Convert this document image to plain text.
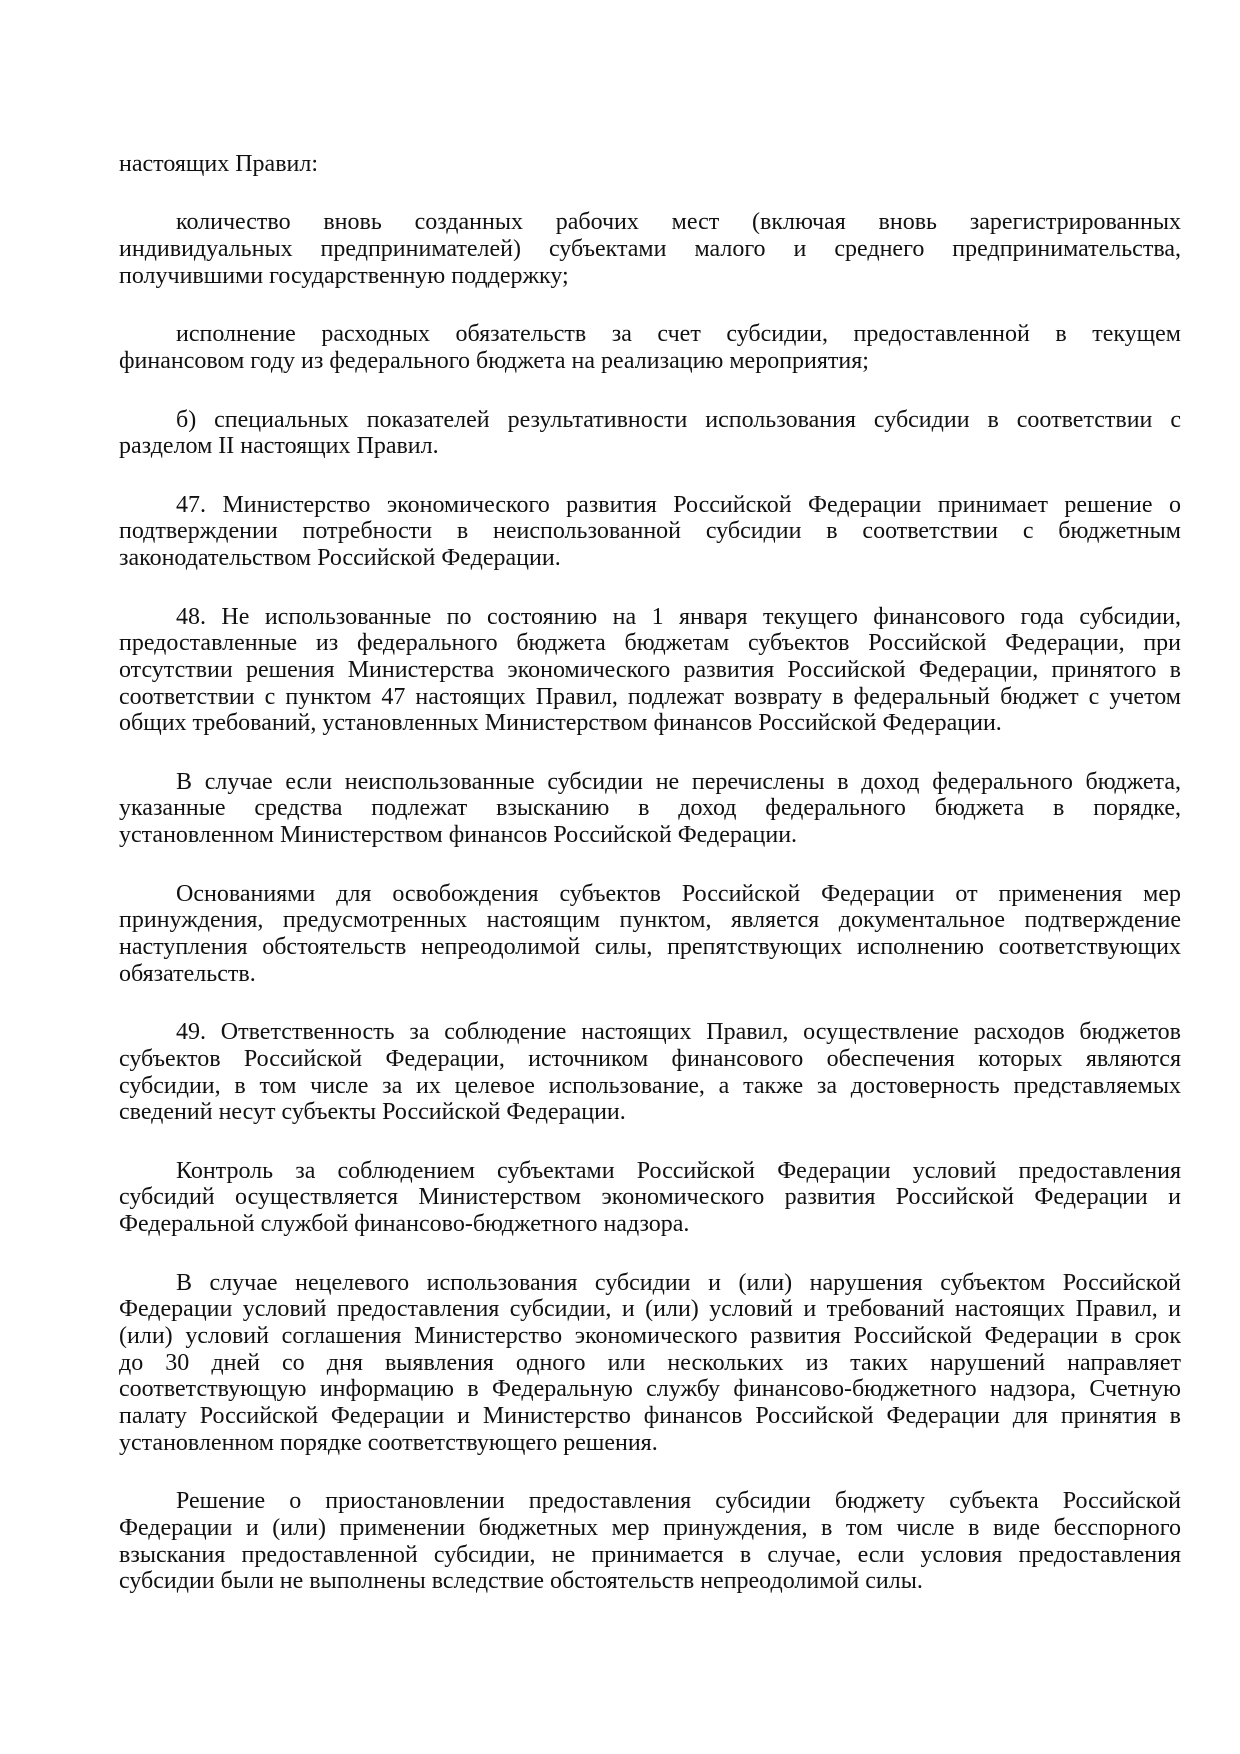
настоящих Правил:
количество вновь созданных рабочих мест (включая вновь зарегистрированных
индивидуальных предпринимателей) субъектами малого и среднего предпринимательства,
получившими государственную поддержку;
исполнение расходных обязательств за счет субсидии, предоставленной в текущем
финансовом году из федерального бюджета на реализацию мероприятия;
б) специальных показателей результативности использования субсидии в соответствии с
разделом II настоящих Правил.
47. Министерство экономического развития Российской Федерации принимает решение о
подтверждении потребности в неиспользованной субсидии в соответствии с бюджетным
законодательством Российской Федерации.
48. Не использованные по состоянию на 1 января текущего финансового года субсидии,
предоставленные из федерального бюджета бюджетам субъектов Российской Федерации, при
отсутствии решения Министерства экономического развития Российской Федерации, принятого в
соответствии с пунктом 47 настоящих Правил, подлежат возврату в федеральный бюджет с учетом
общих требований, установленных Министерством финансов Российской Федерации.
В случае если неиспользованные субсидии не перечислены в доход федерального бюджета,
указанные средства подлежат взысканию в доход федерального бюджета в порядке,
установленном Министерством финансов Российской Федерации.
Основаниями для освобождения субъектов Российской Федерации от применения мер
принуждения, предусмотренных настоящим пунктом, является документальное подтверждение
наступления обстоятельств непреодолимой силы, препятствующих исполнению соответствующих
обязательств.
49. Ответственность за соблюдение настоящих Правил, осуществление расходов бюджетов
субъектов Российской Федерации, источником финансового обеспечения которых являются
субсидии, в том числе за их целевое использование, а также за достоверность представляемых
сведений несут субъекты Российской Федерации.
Контроль за соблюдением субъектами Российской Федерации условий предоставления
субсидий осуществляется Министерством экономического развития Российской Федерации и
Федеральной службой финансово-бюджетного надзора.
В случае нецелевого использования субсидии и (или) нарушения субъектом Российской
Федерации условий предоставления субсидии, и (или) условий и требований настоящих Правил, и
(или) условий соглашения Министерство экономического развития Российской Федерации в срок
до 30 дней со дня выявления одного или нескольких из таких нарушений направляет
соответствующую информацию в Федеральную службу финансово-бюджетного надзора, Счетную
палату Российской Федерации и Министерство финансов Российской Федерации для принятия в
установленном порядке соответствующего решения.
Решение о приостановлении предоставления субсидии бюджету субъекта Российской
Федерации и (или) применении бюджетных мер принуждения, в том числе в виде бесспорного
взыскания предоставленной субсидии, не принимается в случае, если условия предоставления
субсидии были не выполнены вследствие обстоятельств непреодолимой силы.
